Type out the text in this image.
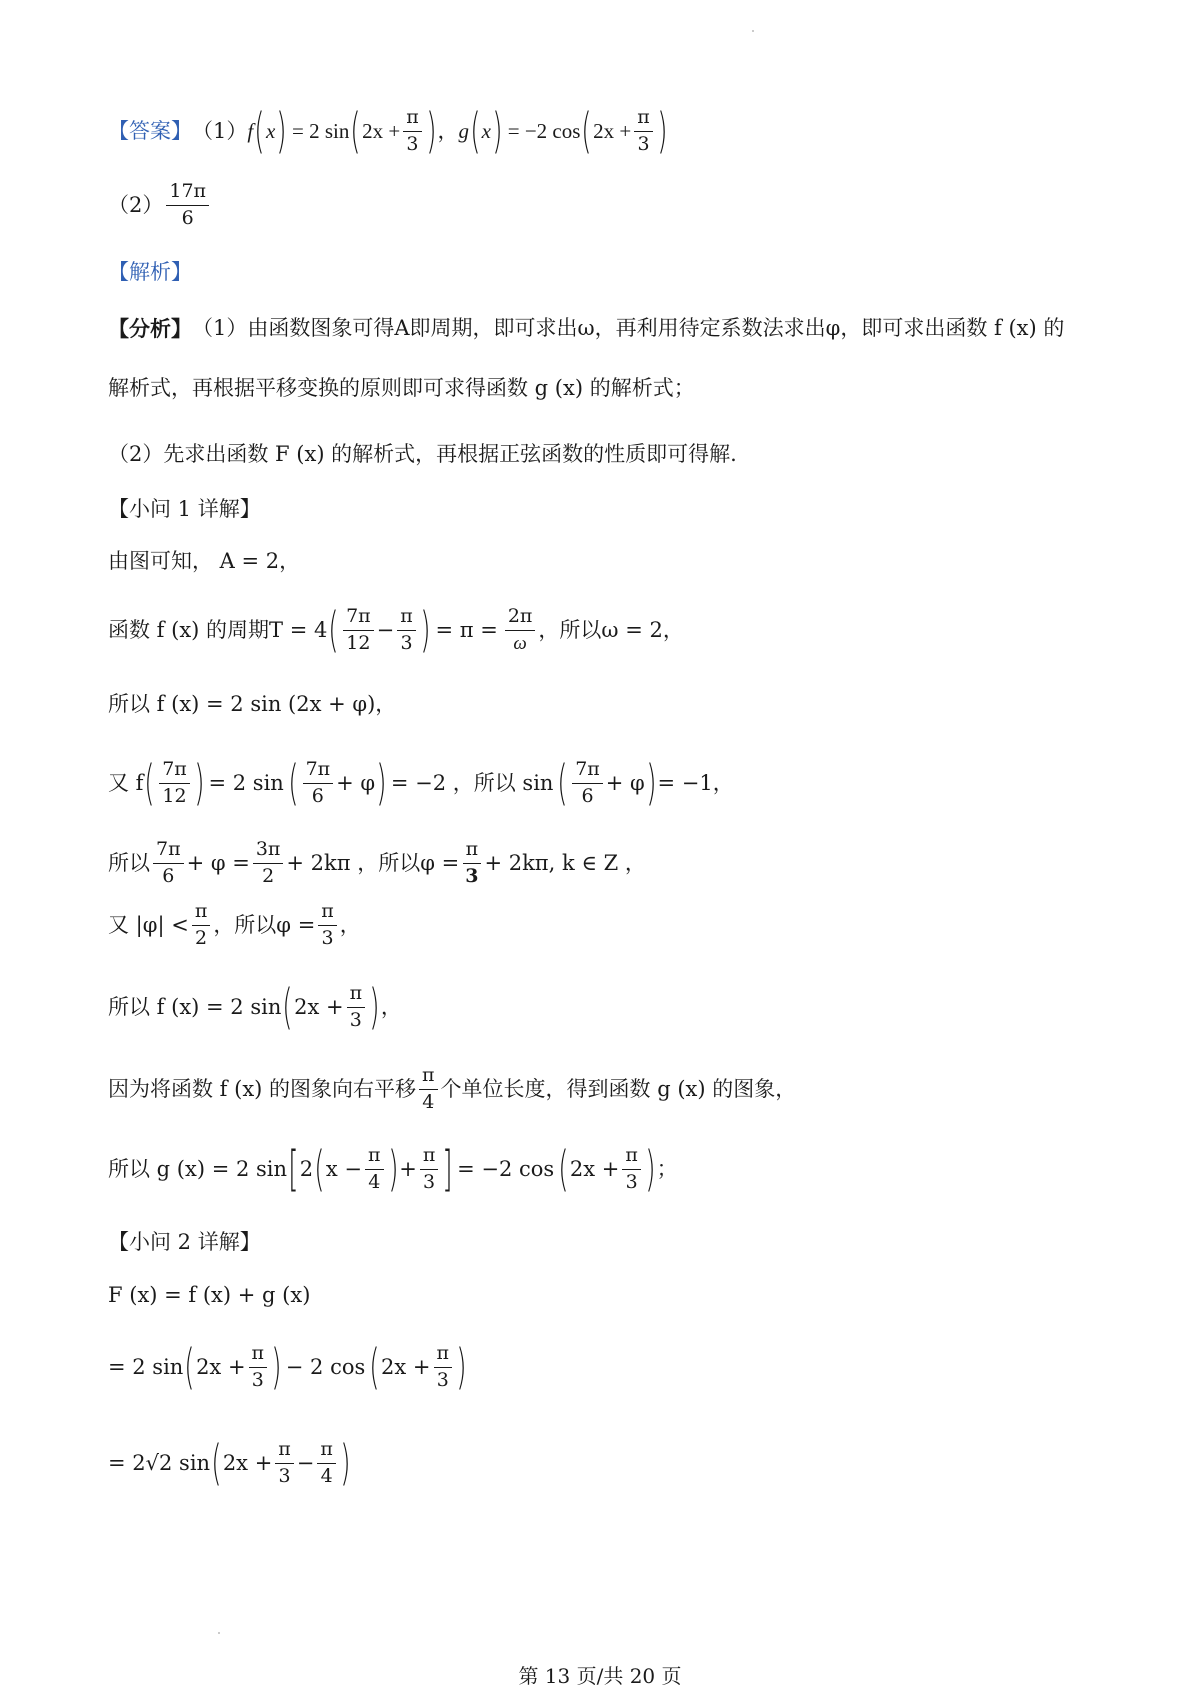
【答案】 （1） f ( x ) = 2 sin ( $2x + \frac{\pi}{3}$ ) ， g ( x ) = −2 cos ( $2x + \frac{\pi}{3}$ )
$(2) \frac{17\pi}{6}$
【解析】
【分析】 （1）由函数图象可得A即周期，即可求出ω，再利用待定系数法求出φ，即可求出函数 f (x) 的
解析式，再根据平移变换的原则即可求得函数 g (x) 的解析式；
（2）先求出函数 F (x) 的解析式，再根据正弦函数的性质即可得解.
【小问 1 详解】
由图可知， A = 2，
函数 f (x) 的周期T = 4 ( $\frac{7\pi}{12} - \frac{\pi}{3}$ ) = $\pi = \frac{2\pi}{\omega}$ ，所以ω = 2，
所以 f (x) = 2 sin (2x + φ)，
又 f ( $\frac{7\pi}{12}$ ) = 2 sin ( $\frac{7\pi}{6} + \varphi$ ) = −2 ，所以 sin ( $\frac{7\pi}{6} + \varphi$ ) = −1，
所以 $\frac{7\pi}{6} + \varphi = \frac{3\pi}{2} + 2k\pi$ ，所以$\varphi = \frac{\pi}{3} + 2k\pi$, k ∈ Z ，
又 $|\varphi| < \frac{\pi}{2}$ ，所以$\varphi = \frac{\pi}{3}$ ，
所以 f (x) = 2 sin ( $2x + \frac{\pi}{3}$ ) ，
因为将函数 f (x) 的图象向右平移 $\frac{\pi}{4}$ 个单位长度，得到函数 g (x) 的图象，
所以 g (x) = 2 sin [ 2 ( $x - \frac{\pi}{4}$ ) + $\frac{\pi}{3}$ ] = −2 cos ( $2x + \frac{\pi}{3}$ ) ；
【小问 2 详解】
F (x) = f (x) + g (x)
= 2 sin ( $2x + \frac{\pi}{3}$ ) − 2 cos ( $2x + \frac{\pi}{3}$ )
= 2√2 sin ( $2x + \frac{\pi}{3} - \frac{\pi}{4}$ )
第 13 页/共 20 页
